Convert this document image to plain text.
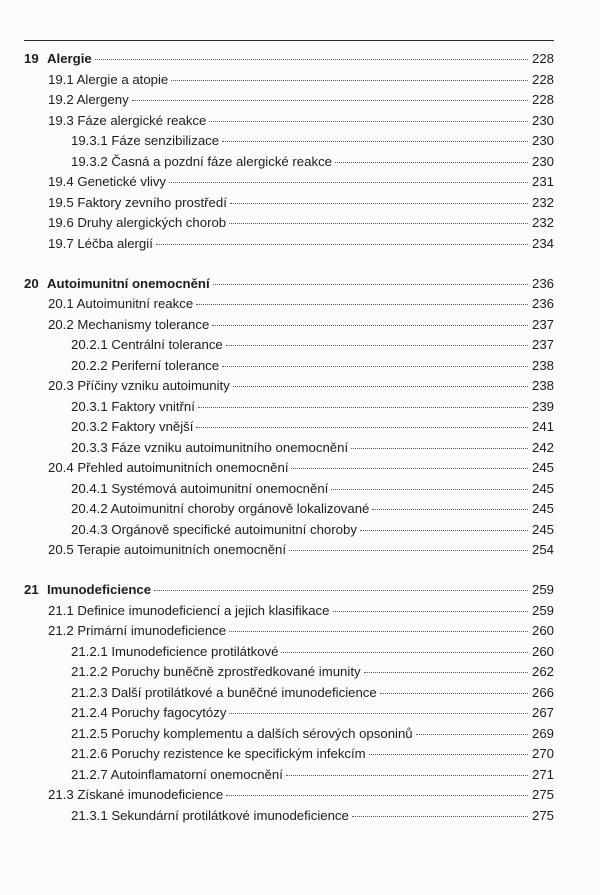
19 Alergie	228
19.1 Alergie a atopie	228
19.2 Alergeny	228
19.3 Fáze alergické reakce	230
19.3.1 Fáze senzibilizace	230
19.3.2 Časná a pozdní fáze alergické reakce	230
19.4 Genetické vlivy	231
19.5 Faktory zevního prostředí	232
19.6 Druhy alergických chorob	232
19.7 Léčba alergií	234
20 Autoimunitní onemocnění	236
20.1 Autoimunitní reakce	236
20.2 Mechanismy tolerance	237
20.2.1 Centrální tolerance	237
20.2.2 Periferní tolerance	238
20.3 Příčiny vzniku autoimunity	238
20.3.1 Faktory vnitřní	239
20.3.2 Faktory vnější	241
20.3.3 Fáze vzniku autoimunitního onemocnění	242
20.4 Přehled autoimunitních onemocnění	245
20.4.1 Systémová autoimunitní onemocnění	245
20.4.2 Autoimunitní choroby orgánově lokalizované	245
20.4.3 Orgánově specifické autoimunitní choroby	245
20.5 Terapie autoimunitních onemocnění	254
21 Imunodeficience	259
21.1 Definice imunodeficiencí a jejich klasifikace	259
21.2 Primární imunodeficience	260
21.2.1 Imunodeficience protilátkové	260
21.2.2 Poruchy buněčně zprostředkované imunity	262
21.2.3 Další protilátkové a buněčné imunodeficience	266
21.2.4 Poruchy fagocytózy	267
21.2.5 Poruchy komplementu a dalších sérových opsoninů	269
21.2.6 Poruchy rezistence ke specifickým infekcím	270
21.2.7 Autoinflamatorní onemocnění	271
21.3 Získané imunodeficience	275
21.3.1 Sekundární protilátkové imunodeficience	275
